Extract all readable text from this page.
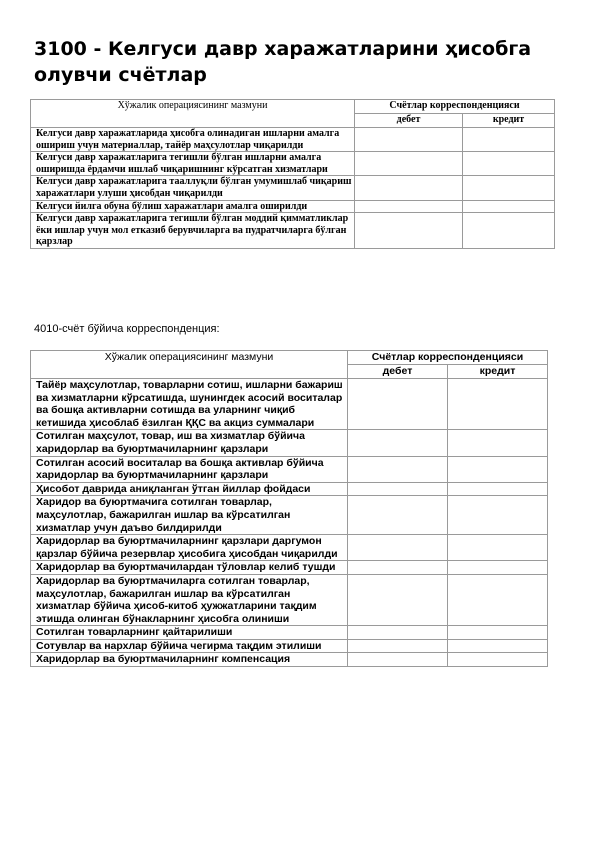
3100 - Келгуси давр харажатларини ҳисобга олувчи счётлар
Хўжалик операциясининг мазмуни	Счётлар корреспонденцияси	
	дебет	кредит
Келгуси давр харажатларида ҳисобга олинадиган ишларни амалга ошириш учун материаллар, тайёр маҳсулотлар чиқарилди		
Келгуси давр харажатларига тегишли бўлган ишларни амалга оширишда ёрдамчи ишлаб чиқаришнинг кўрсатган хизматлари		
Келгуси давр харажатларига тааллуқли бўлган умумишлаб чиқариш харажатлари улуши ҳисобдан чиқарилди		
Келгуси йилга обуна бўлиш харажатлари амалга оширилди		
Келгуси давр харажатларига тегишли бўлган моддий қимматликлар ёки ишлар учун мол етказиб берувчиларга ва пудратчиларга бўлган қарзлар		

4010-счёт бўйича корреспонденция:

Хўжалик операциясининг мазмуни	Счётлар корреспонденцияси	
	дебет	кредит
Тайёр маҳсулотлар, товарларни сотиш, ишларни бажариш ва хизматларни кўрсатишда, шунингдек асосий воситалар ва бошқа активларни сотишда ва уларнинг чиқиб кетишида ҳисоблаб ёзилган ҚҚС ва акциз суммалари		
Сотилган маҳсулот, товар, иш ва хизматлар бўйича харидорлар ва буюртмачиларнинг қарзлари		
Сотилган асосий воситалар ва бошқа активлар бўйича харидорлар ва буюртмачиларнинг қарзлари		
Ҳисобот даврида аниқланган ўтган йиллар фойдаси		
Харидор ва буюртмачига сотилган товарлар, маҳсулотлар, бажарилган ишлар ва кўрсатилган хизматлар учун даъво билдирилди		
Харидорлар ва буюртмачиларнинг қарзлари даргумон қарзлар бўйича резервлар ҳисобига ҳисобдан чиқарилди		
Харидорлар ва буюртмачилардан тўловлар келиб тушди		
Харидорлар ва буюртмачиларга сотилган товарлар, маҳсулотлар, бажарилган ишлар ва кўрсатилган хизматлар бўйича ҳисоб-китоб ҳужжатларини тақдим этишда олинган бўнакларнинг ҳисобга олиниши		
Сотилган товарларнинг қайтарилиши		
Сотувлар ва нархлар бўйича чегирма тақдим этилиши		
Харидорлар ва буюртмачиларнинг компенсация		
